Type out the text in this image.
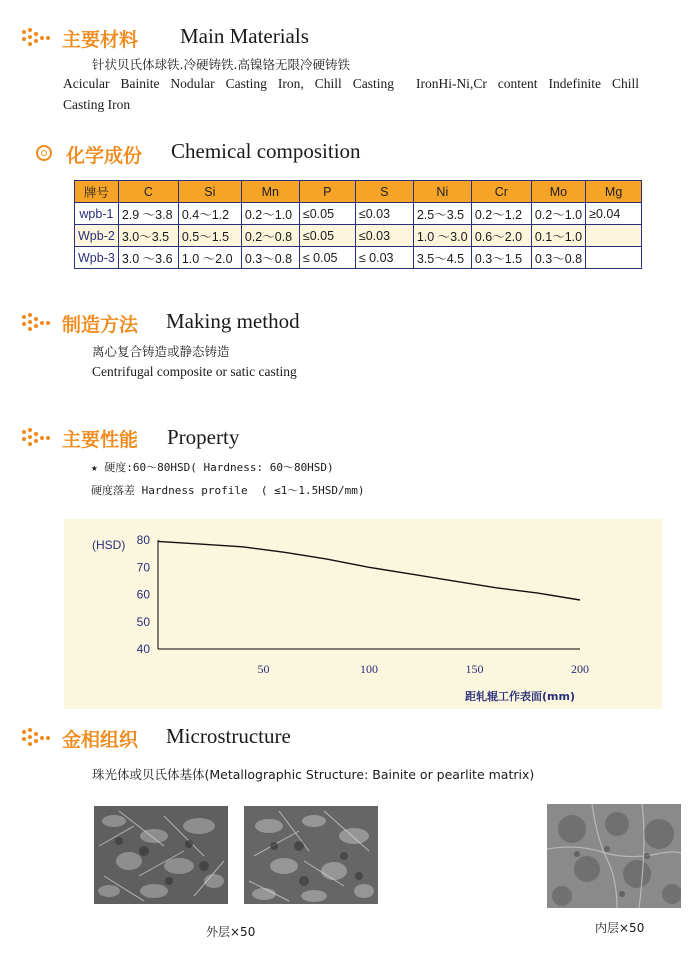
主要材料 Main Materials
针状贝氏体球铁.冷硬铸铁.高镍铬无限冷硬铸铁
Acicular Bainite Nodular Casting Iron, Chill Casting  IronHi-Ni,Cr content Indefinite Chill
Casting Iron
化学成份 Chemical composition
牌号	C	Si	Mn	P	S	Ni	Cr	Mo	Mg
wpb-1	2.9 ～3.8	0.4～1.2	0.2～1.0	≤0.05	≤0.03	2.5～3.5	0.2～1.2	0.2～1.0	≥0.04
Wpb-2	3.0～3.5	0.5～1.5	0.2～0.8	≤0.05	≤0.03	1.0 ～3.0	0.6～2.0	0.1～1.0	
Wpb-3	3.0 ～3.6	1.0 ～2.0	0.3～0.8	≤ 0.05	≤ 0.03	3.5～4.5	0.3～1.5	0.3～0.8	
制造方法 Making method
离心复合铸造或静态铸造
Centrifugal composite or satic casting
主要性能 Property
★ 硬度:60～80HSD( Hardness: 60～80HSD)
硬度落差 Hardness profile  ( ≤1～1.5HSD/mm)
(HSD)
距轧辊工作表面(mm)
80
70
60
50
40
50	100	150	200
金相组织 Microstructure
珠光体或贝氏体基体(Metallographic Structure: Bainite or pearlite matrix)
外层×50	内层×50
